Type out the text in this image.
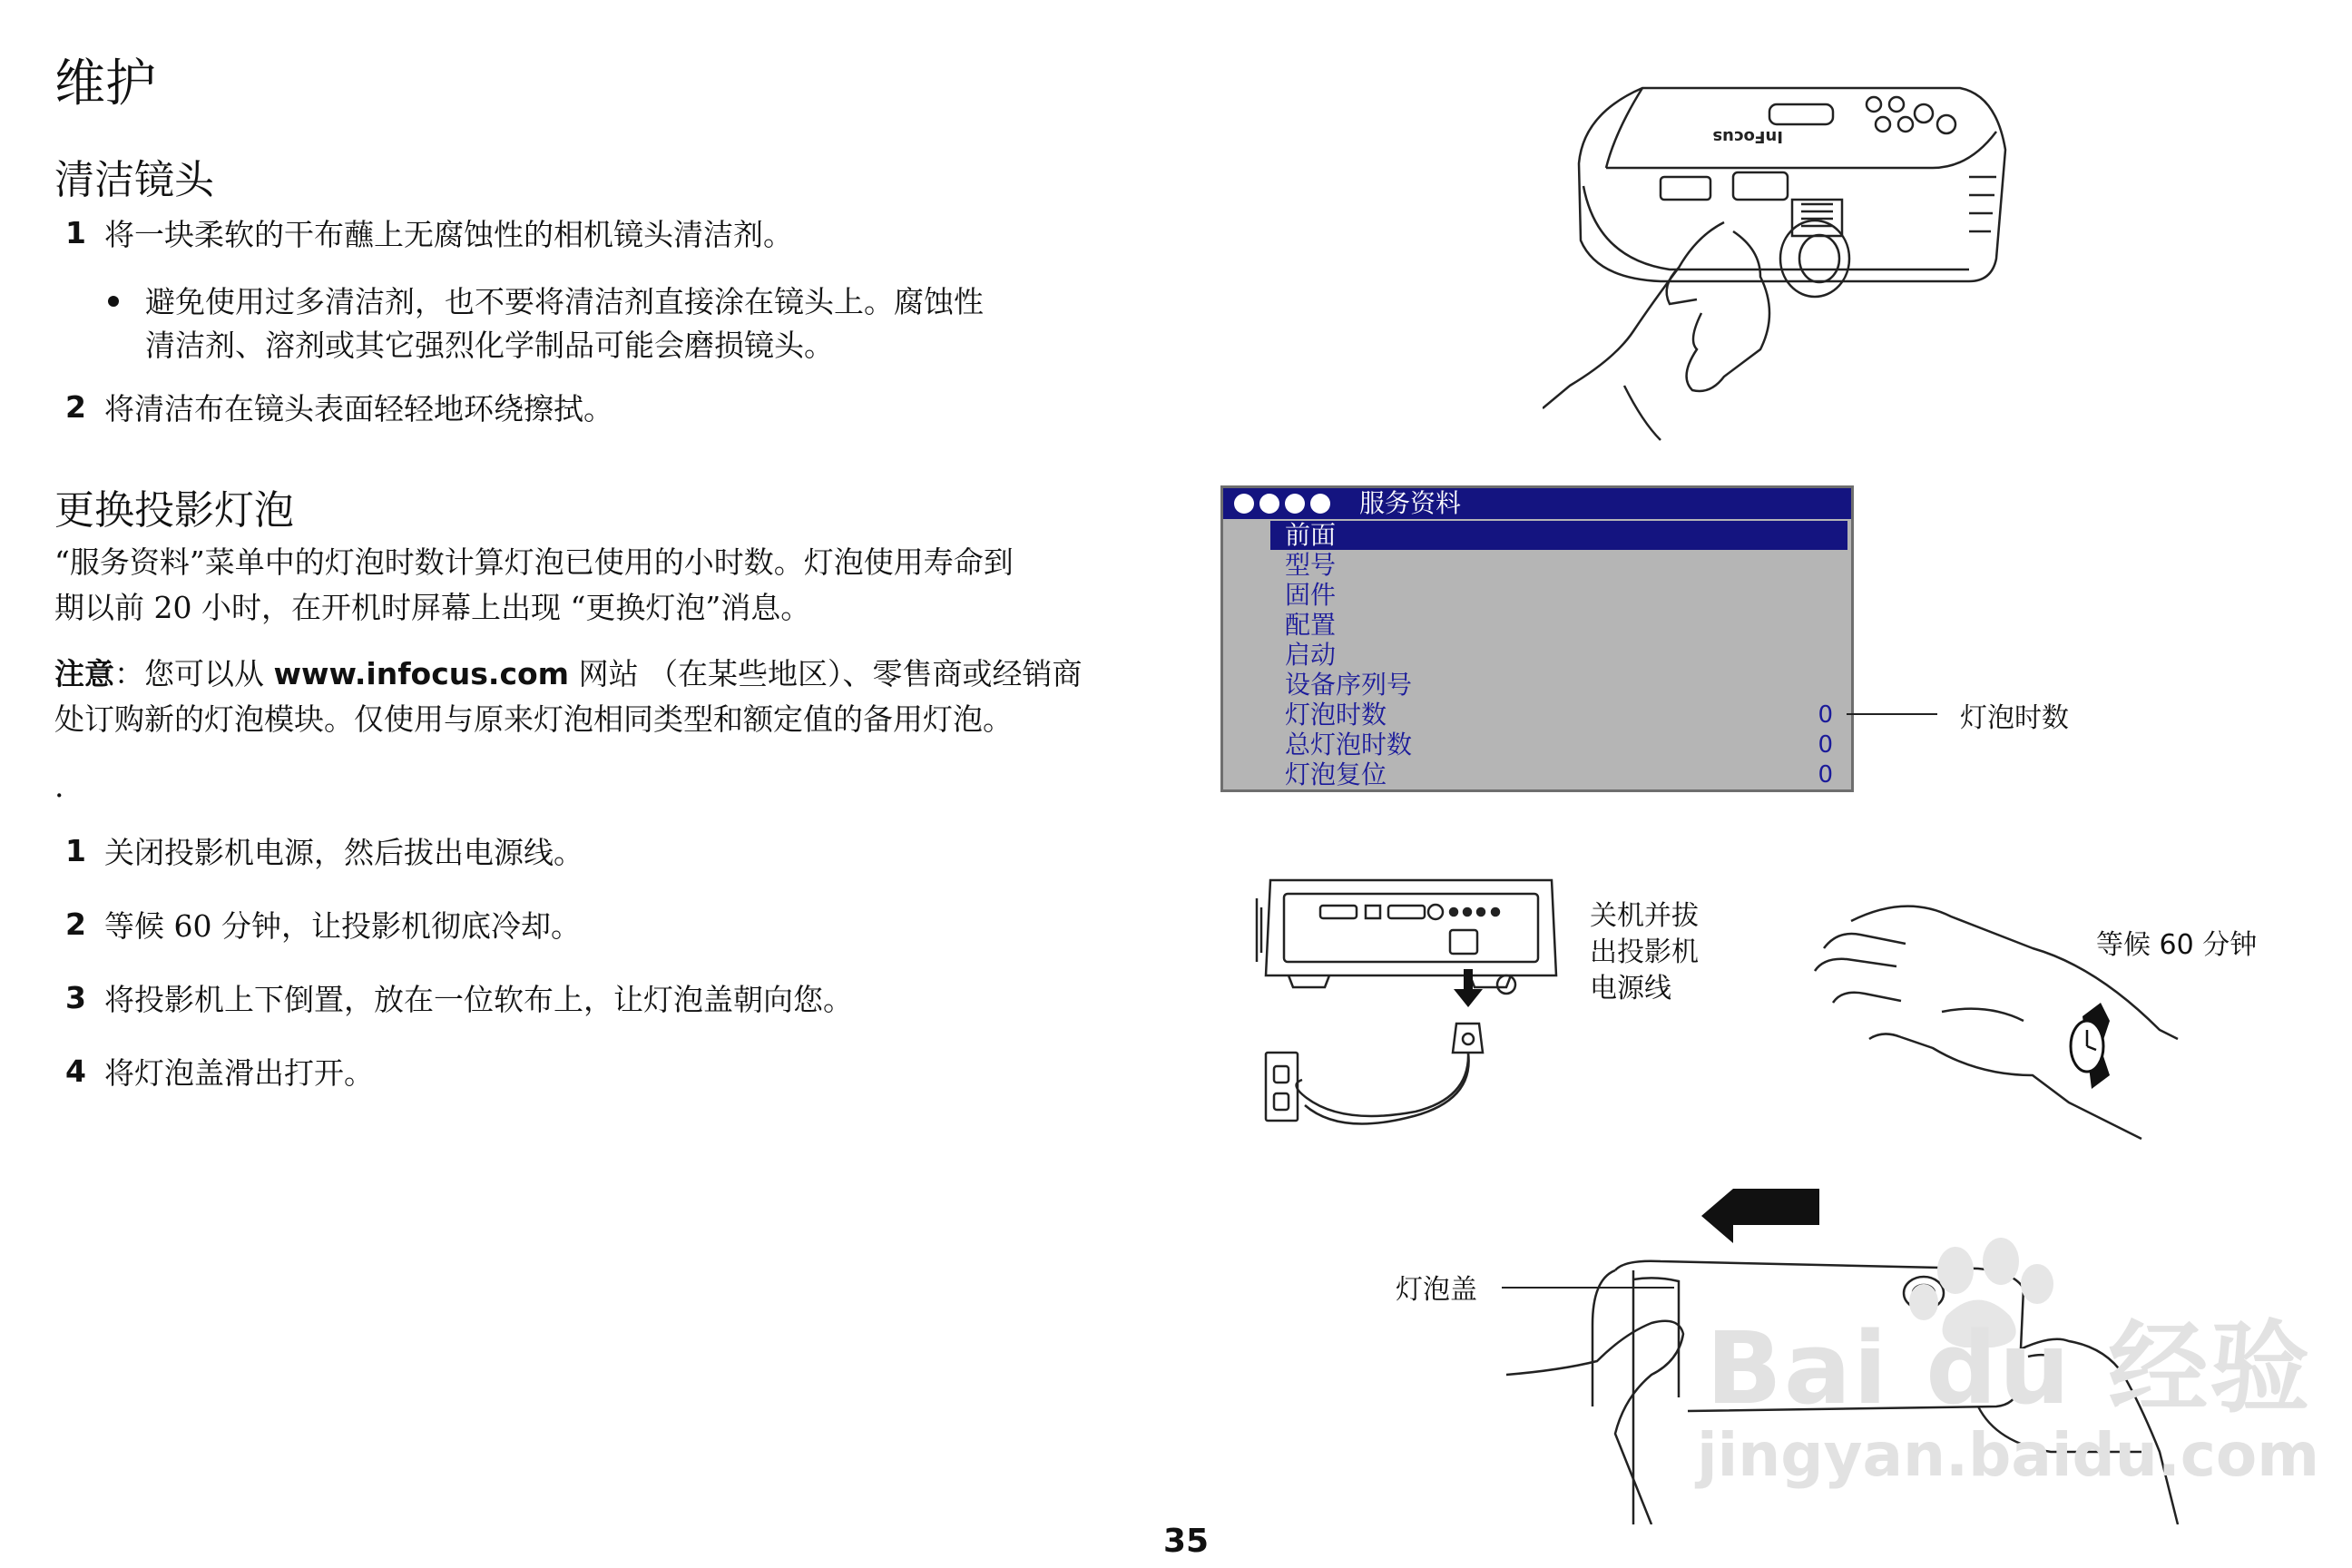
维护
清洁镜头
1 将一块柔软的干布蘸上无腐蚀性的相机镜头清洁剂。
避免使用过多清洁剂，也不要将清洁剂直接涂在镜头上。腐蚀性
清洁剂、溶剂或其它强烈化学制品可能会磨损镜头。
2 将清洁布在镜头表面轻轻地环绕擦拭。
更换投影灯泡
“服务资料”菜单中的灯泡时数计算灯泡已使用的小时数。灯泡使用寿命到
期以前 20 小时，在开机时屏幕上出现 “更换灯泡”消息。
注意：您可以从 www.infocus.com 网站 （在某些地区）、零售商或经销商
处订购新的灯泡模块。仅使用与原来灯泡相同类型和额定值的备用灯泡。
.
1 关闭投影机电源，然后拔出电源线。
2 等候 60 分钟，让投影机彻底冷却。
3 将投影机上下倒置，放在一位软布上，让灯泡盖朝向您。
4 将灯泡盖滑出打开。
InFocus
服务资料
前面
型号
固件
配置
启动
设备序列号
灯泡时数	0
总灯泡时数	0
灯泡复位	0
灯泡时数
关机并拔
出投影机
电源线
等候 60 分钟
灯泡盖
Bai du 经验
jingyan.baidu.com
35
